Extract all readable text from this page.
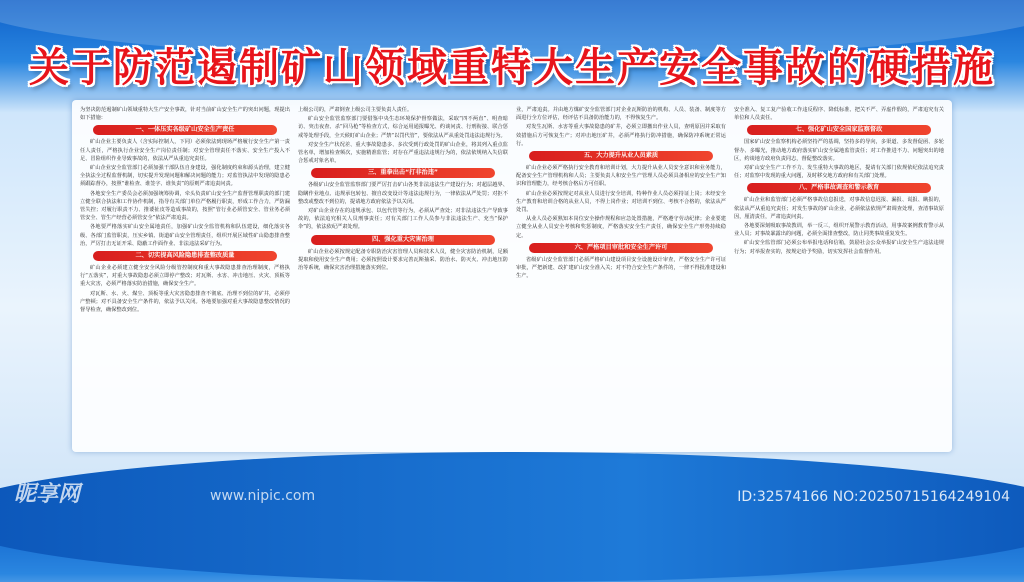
关于防范遏制矿山领域重特大生产安全事故的硬措施

为坚决防范遏制矿山领域重特大生产安全事故，针对当前矿山安全生产的突出问题，现提出如下措施：

一、一体压实各级矿山安全生产责任

矿山企业主要负责人（含实际控制人，下同）必须依法到现场严格履行安全生产第一责任人责任，严格执行企业安全生产岗位责任制；对安全管理责任不落实、安全生产投入不足、冒险组织作业导致事故的，依法从严从重追究责任。

矿山企业安全监管部门必须加强干部队伍自身建设，强化制度约束和源头治理，建立健全执法全过程监督机制，切实提升发现问题和解决问题的能力；对监管执法中发现的隐患必须跟踪督办，按照“谁检查、谁签字、谁负责”的原则严肃追责问责。

各地安全生产委员会必须加强统筹协调，牵头负责矿山安全生产监督管理职责的部门建立健全联合执法和工作协作机制，指导有关部门单位严格履行职责，形成工作合力，严防漏管失控；对履行职责不力、推诿扯皮等造成事故的，按照“管行业必须管安全、管业务必须管安全、管生产经营必须管安全”依法严肃追责。

各地要严格落实矿山安全属地责任，加强矿山安全监管机构和队伍建设，细化落实各级、各部门监管职责，压实乡镇、街道矿山安全管理责任，组织开展区域性矿山隐患排查整治，严厉打击无证开采、隐蔽工作面作业、非法违法采矿行为。

二、切实提高风险隐患排查整改质量

矿山企业必须建立健全安全风险分级管控制度和重大事故隐患排查治理制度，严格执行“五落实”，对重大事故隐患必须立即停产整改；对瓦斯、水害、冲击地压、火灾、顶板等重大灾害，必须严格落实防治措施，确保安全生产。

对瓦斯、水、火、煤尘、顶板等重大灾害隐患排查不彻底、治理不到位的矿井，必须停产整顿；对不具备安全生产条件的，依法予以关闭。各地要加强对重大事故隐患整改情况的督导检查，确保整改到位。

上级公司的，严肃倒查上级公司主要负责人责任。

矿山安全监管监察部门要借鉴中央生态环境保护督察做法，采取“四不两直”、明查暗访、突击夜查、杀“回马枪”等检查方式，综合运用通报曝光、约谈问责、行刑衔接、联合惩戒等处理手段，全天候盯矿山企业；严禁“以罚代管”，要依法从严从重处罚违法违规行为。

对安全生产状况差、重大事故隐患多、多次受到行政处罚的矿山企业，将其列入重点监管名单，增加检查频次，实施精准监管；对存在严重违法违规行为的，依法依规纳入失信联合惩戒对象名单。

三、重拳出击“打非治违”

各级矿山安全监管监察部门要严厉打击矿山各类非法违法生产建设行为；对超层越界、隐瞒作业地点、违规承包转包、擅自改变设计等违法违规行为，一律依法从严处罚；对拒不整改或整改不到位的，提请地方政府依法予以关闭。

对矿山企业存在的违规承包、以包代管等行为，必须从严查处；对非法违法生产导致事故的，依法追究相关人员刑事责任；对有关部门工作人员参与非法违法生产、充当“保护伞”的，依法依纪严肃处理。

四、强化重大灾害治理

矿山企业必须按规定配备专职防治灾害管理人员和技术人员，健全灾害防治机制，足额提取和使用安全生产费用；必须按照设计要求完善瓦斯抽采、防治水、防灭火、冲击地压防治等系统，确保灾害治理措施落实到位。

业，严肃追责。并由地方煤矿安全监管部门对企业瓦斯防治的机构、人员、装备、制度等方面进行全方位评估，经评估不具备防治能力的，不得恢复生产。

对发生瓦斯、水害等重大事故隐患的矿井，必须立即撤出作业人员，查明原因并采取有效措施后方可恢复生产；对冲击地压矿井，必须严格执行防冲措施，确保防冲系统正常运行。

五、大力提升从业人员素质

矿山企业必须严格执行安全教育和培训计划，大力提升从业人员安全意识和业务能力，配备安全生产管理机构和人员；主要负责人和安全生产管理人员必须具备相应的安全生产知识和管理能力，经考核合格后方可任职。

矿山企业必须按规定对从业人员进行安全培训，特种作业人员必须持证上岗；未经安全生产教育和培训合格的从业人员，不得上岗作业；对培训不到位、考核不合格的，依法从严处罚。

从业人员必须熟知本岗位安全操作规程和应急处置措施，严格遵守劳动纪律；企业要建立健全从业人员安全考核和奖惩制度，严格落实安全生产责任，确保安全生产形势持续稳定。

六、严格项目审批和安全生产许可

省级矿山安全监管部门必须严格矿山建设项目安全设施设计审查，严格安全生产许可证审批，严把新建、改扩建矿山安全准入关；对不符合安全生产条件的，一律不得批准建设和生产。

安全准入、复工复产验收工作违反程序、降低标准、把关不严、弄虚作假的，严肃追究有关单位和人员责任。

七、强化矿山安全国家监察督政

国家矿山安全监察机构必须坚持严的基调，坚持多的导向，多渠道、多发督促函、多轮督办、多曝光，推动地方政府落实矿山安全属地监管责任；对工作推进不力、问题突出的地区，约谈地方政府负责同志，督促整改落实。

对矿山安全生产工作不力、发生重特大事故的地区，提请有关部门依规依纪依法追究责任；对监察中发现的重大问题，及时移交地方政府和有关部门处理。

八、严格事故调查和警示教育

矿山企业和监管部门必须严格事故信息报送，对事故信息迟报、漏报、谎报、瞒报的，依法从严从重追究责任；对发生事故的矿山企业，必须依法依规严肃调查处理，查清事故原因，厘清责任，严肃追责问责。

各地要深刻吸取事故教训，举一反三，组织开展警示教育活动，用事故案例教育警示从业人员；对事故暴露出的问题，必须全面排查整改，防止同类事故重复发生。

矿山安全监管部门必须公布举报电话和信箱，鼓励社会公众举报矿山安全生产违法违规行为；对举报查实的，按规定给予奖励，切实发挥社会监督作用。

昵享网	www.nipic.com	ID:32574166 NO:20250715164249104
